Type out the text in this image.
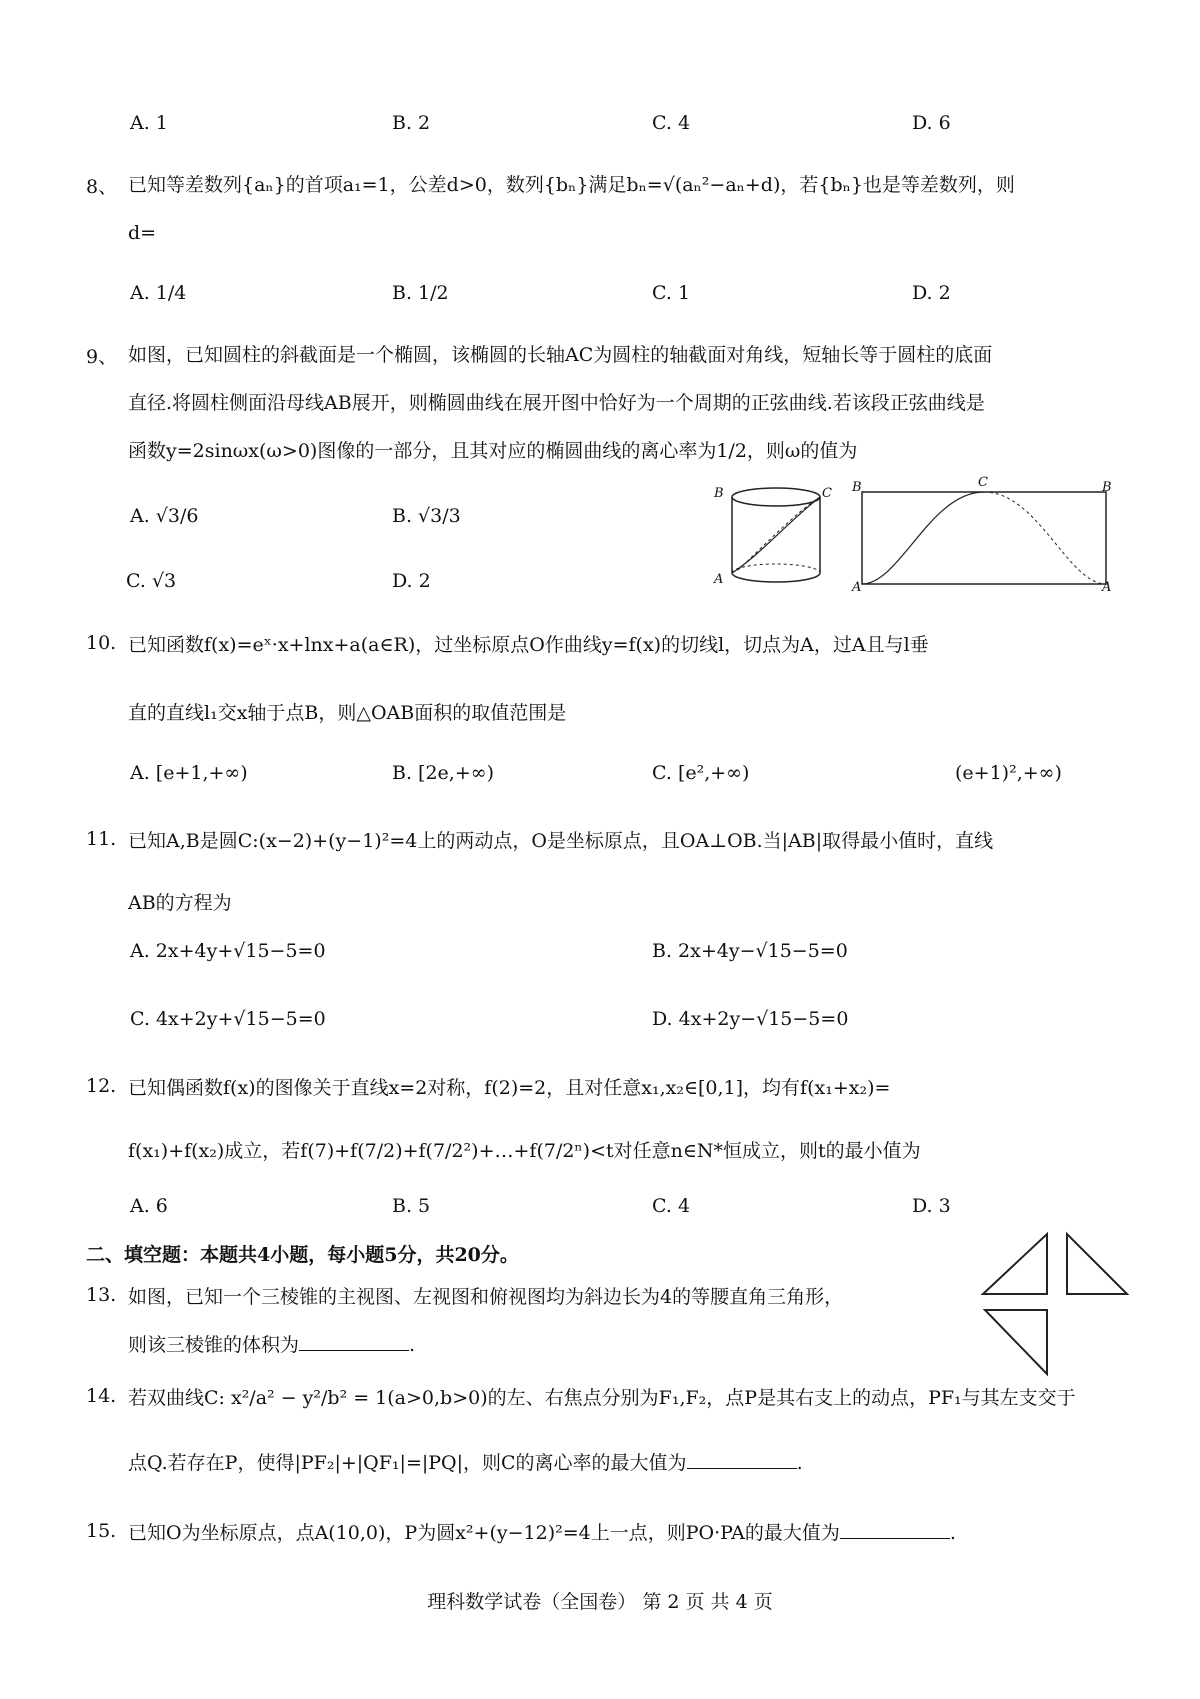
A. 1	B. 2	C. 4	D. 6
8、 已知等差数列{aₙ}的首项a₁=1，公差d>0，数列{bₙ}满足bₙ=√(aₙ²−aₙ+d)，若{bₙ}也是等差数列，则
d=
A. 1/4	B. 1/2	C. 1	D. 2
9、 如图，已知圆柱的斜截面是一个椭圆，该椭圆的长轴AC为圆柱的轴截面对角线，短轴长等于圆柱的底面
直径.将圆柱侧面沿母线AB展开，则椭圆曲线在展开图中恰好为一个周期的正弦曲线.若该段正弦曲线是
函数y=2sinωx(ω>0)图像的一部分，且其对应的椭圆曲线的离心率为1/2，则ω的值为
A. √3/6	B. √3/3
C. √3	D. 2
B	C
A
B	C	B
A	A
10. 已知函数f(x)=eˣ·x+lnx+a(a∈R)，过坐标原点O作曲线y=f(x)的切线l，切点为A，过A且与l垂
直的直线l₁交x轴于点B，则△OAB面积的取值范围是
A. [e+1,+∞)	B. [2e,+∞)	C. [e²,+∞)	(e+1)²,+∞)
11. 已知A,B是圆C:(x−2)+(y−1)²=4上的两动点，O是坐标原点，且OA⊥OB.当|AB|取得最小值时，直线
AB的方程为
A. 2x+4y+√15−5=0	B. 2x+4y−√15−5=0
C. 4x+2y+√15−5=0	D. 4x+2y−√15−5=0
12. 已知偶函数f(x)的图像关于直线x=2对称，f(2)=2，且对任意x₁,x₂∈[0,1]，均有f(x₁+x₂)=
f(x₁)+f(x₂)成立，若f(7)+f(7/2)+f(7/2²)+…+f(7/2ⁿ)<t对任意n∈N*恒成立，则t的最小值为
A. 6	B. 5	C. 4	D. 3
二、填空题：本题共4小题，每小题5分，共20分。
13. 如图，已知一个三棱锥的主视图、左视图和俯视图均为斜边长为4的等腰直角三角形，
则该三棱锥的体积为	.
14. 若双曲线C: x²/a² − y²/b² = 1(a>0,b>0)的左、右焦点分别为F₁,F₂，点P是其右支上的动点，PF₁与其左支交于
点Q.若存在P，使得|PF₂|+|QF₁|=|PQ|，则C的离心率的最大值为	.
15. 已知O为坐标原点，点A(10,0)，P为圆x²+(y−12)²=4上一点，则PO·PA的最大值为	.
理科数学试卷（全国卷） 第 2 页 共 4 页
